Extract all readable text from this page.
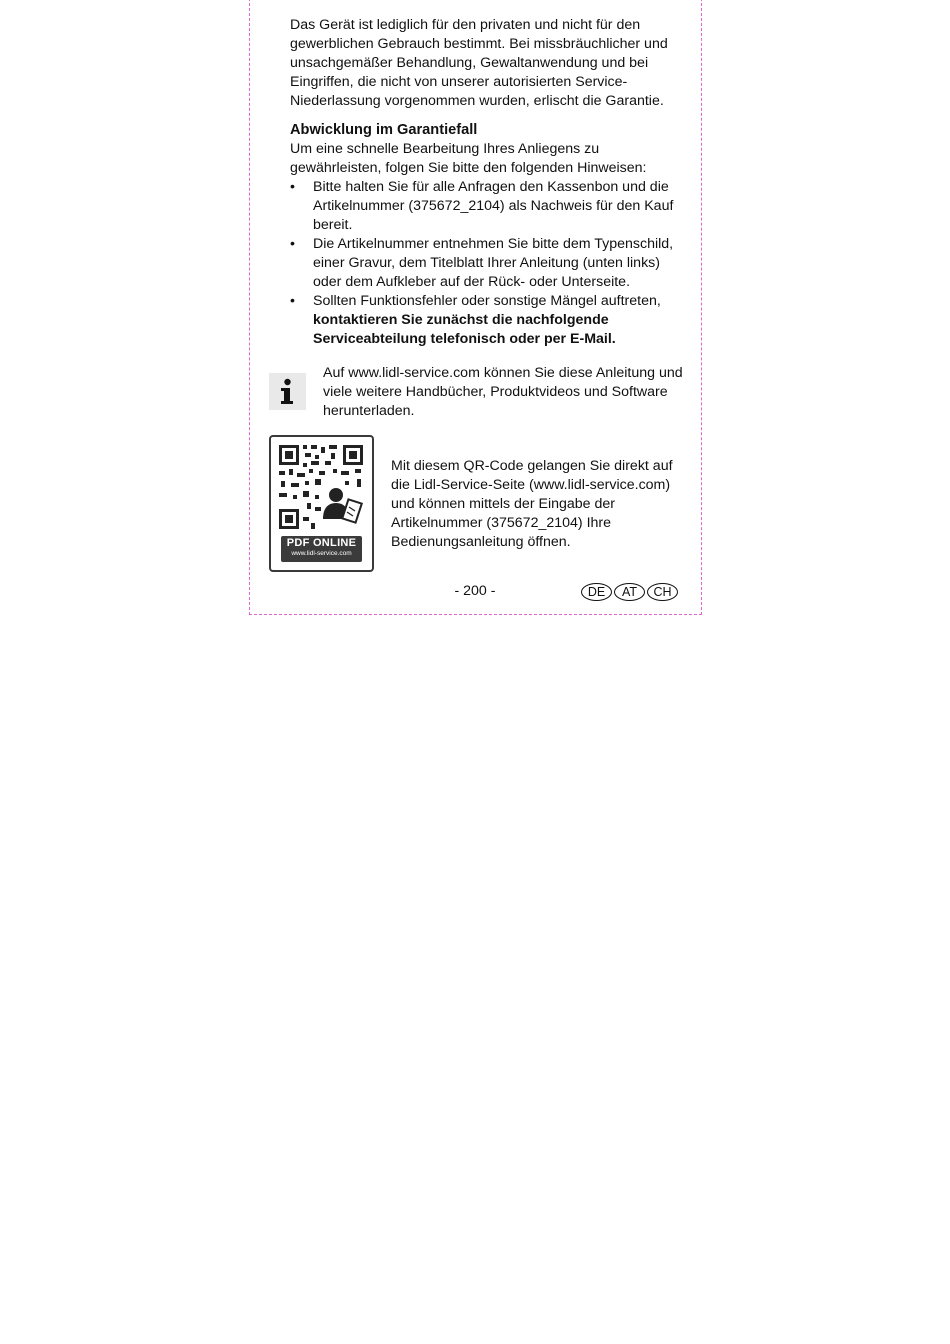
Das Gerät ist lediglich für den privaten und nicht für den gewerblichen Gebrauch bestimmt. Bei missbräuchlicher und unsachgemäßer Behandlung, Gewaltanwendung und bei Eingriffen, die nicht von unserer autorisierten Service-Niederlassung vorgenommen wurden, erlischt die Garantie.

Abwicklung im Garantiefall

Um eine schnelle Bearbeitung Ihres Anliegens zu gewährleisten, folgen Sie bitte den folgenden Hinweisen:

• Bitte halten Sie für alle Anfragen den Kassenbon und die Artikelnummer (375672_2104) als Nachweis für den Kauf bereit.
• Die Artikelnummer entnehmen Sie bitte dem Typenschild, einer Gravur, dem Titelblatt Ihrer Anleitung (unten links) oder dem Aufkleber auf der Rück- oder Unterseite.
• Sollten Funktionsfehler oder sonstige Mängel auftreten, kontaktieren Sie zunächst die nachfolgende Serviceabteilung telefonisch oder per E-Mail.
Auf www.lidl-service.com können Sie diese Anleitung und viele weitere Handbücher, Produktvideos und Software herunterladen.
PDF ONLINE
www.lidl-service.com
Mit diesem QR-Code gelangen Sie direkt auf die Lidl-Service-Seite (www.lidl-service.com) und können mittels der Eingabe der Artikelnummer (375672_2104) Ihre Bedienungsanleitung öffnen.
- 200 -	DE AT CH
